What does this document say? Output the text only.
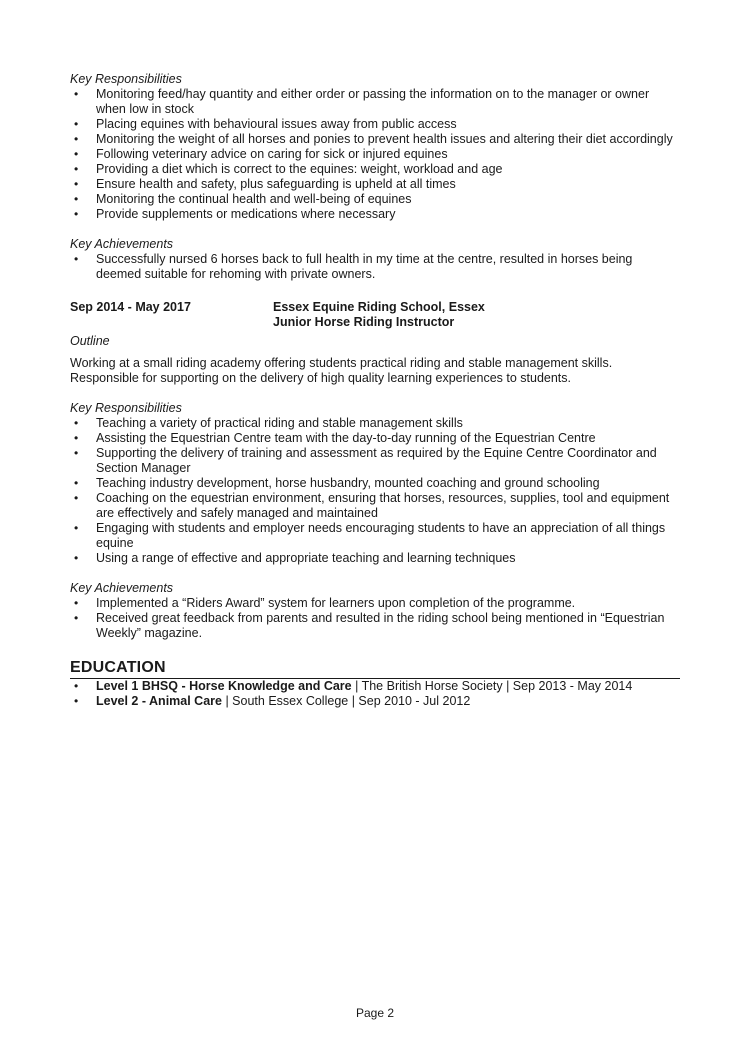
Key Responsibilities

• Monitoring feed/hay quantity and either order or passing the information on to the manager or owner when low in stock
• Placing equines with behavioural issues away from public access
• Monitoring the weight of all horses and ponies to prevent health issues and altering their diet accordingly
• Following veterinary advice on caring for sick or injured equines
• Providing a diet which is correct to the equines: weight, workload and age
• Ensure health and safety, plus safeguarding is upheld at all times
• Monitoring the continual health and well-being of equines
• Provide supplements or medications where necessary

Key Achievements

• Successfully nursed 6 horses back to full health in my time at the centre, resulted in horses being deemed suitable for rehoming with private owners.
Sep 2014 - May 2017	Essex Equine Riding School, Essex
Junior Horse Riding Instructor

Outline

Working at a small riding academy offering students practical riding and stable management skills. Responsible for supporting on the delivery of high quality learning experiences to students.

Key Responsibilities

• Teaching a variety of practical riding and stable management skills
• Assisting the Equestrian Centre team with the day-to-day running of the Equestrian Centre
• Supporting the delivery of training and assessment as required by the Equine Centre Coordinator and Section Manager
• Teaching industry development, horse husbandry, mounted coaching and ground schooling
• Coaching on the equestrian environment, ensuring that horses, resources, supplies, tool and equipment are effectively and safely managed and maintained
• Engaging with students and employer needs encouraging students to have an appreciation of all things equine
• Using a range of effective and appropriate teaching and learning techniques

Key Achievements

• Implemented a “Riders Award” system for learners upon completion of the programme.
• Received great feedback from parents and resulted in the riding school being mentioned in “Equestrian Weekly” magazine.
EDUCATION
• Level 1 BHSQ - Horse Knowledge and Care | The British Horse Society | Sep 2013 - May 2014
• Level 2 - Animal Care | South Essex College | Sep 2010 - Jul 2012
Page 2
